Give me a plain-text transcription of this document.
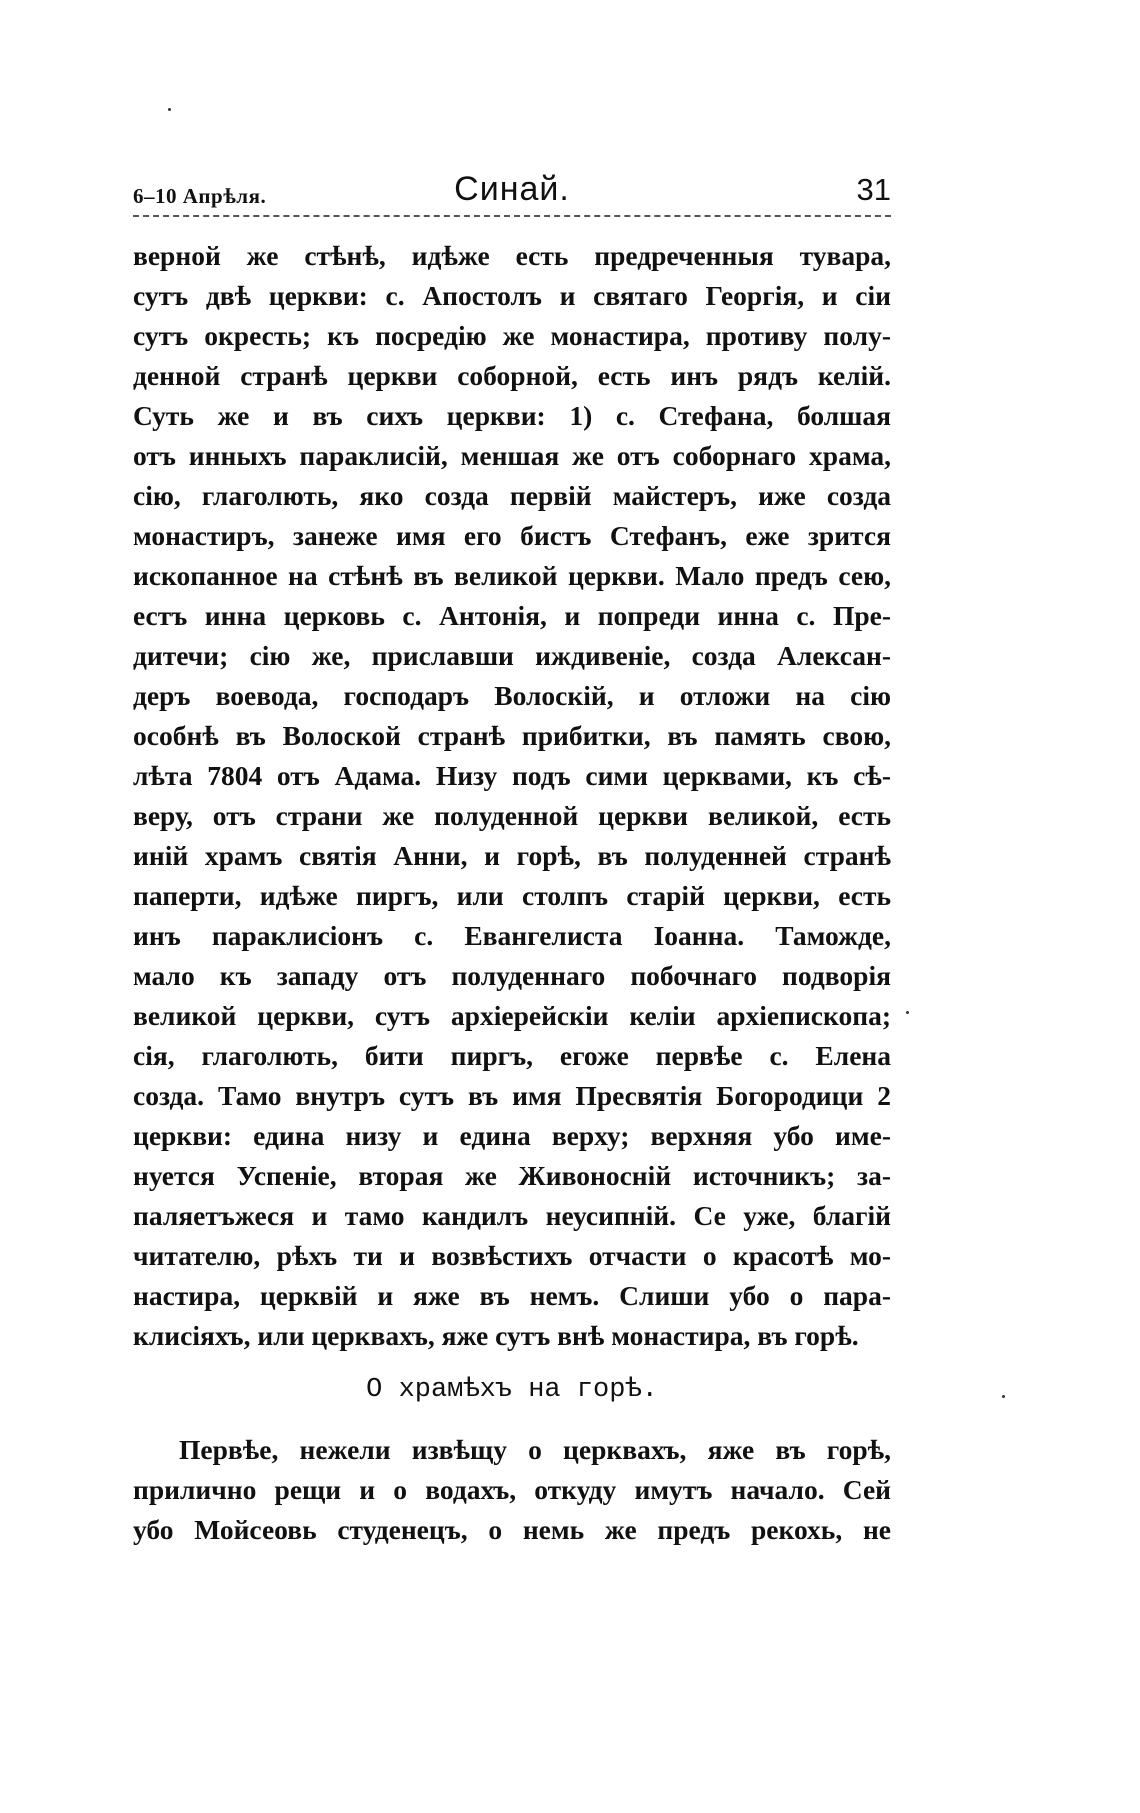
6–10 Апрѣля.	Синай.	31
верной же стѣнѣ, идѣже есть предреченныя тувара,
сутъ двѣ церкви: с. Апостолъ и святаго Георгія, и сіи
сутъ окресть; къ посредію же монастира, противу полу-
денной странѣ церкви соборной, есть инъ рядъ келій.
Суть же и въ сихъ церкви: 1) с. Стефана, болшая
отъ инныхъ параклисій, меншая же отъ соборнаго храма,
сію, глаголють, яко созда первій майстеръ, иже созда
монастиръ, занеже имя его бистъ Стефанъ, еже зрится
ископанное на стѣнѣ въ великой церкви. Мало предъ сею,
естъ инна церковь с. Антонія, и попреди инна с. Пре-
дитечи; сію же, приславши иждивеніе, созда Алексан-
деръ воевода, господаръ Волоскій, и отложи на сію
особнѣ въ Волоской странѣ прибитки, въ память свою,
лѣта 7804 отъ Адама. Низу подъ сими церквами, къ сѣ-
веру, отъ страни же полуденной церкви великой, есть
иній храмъ святія Анни, и горѣ, въ полуденней странѣ
паперти, идѣже пиргъ, или столпъ старій церкви, есть
инъ параклисіонъ с. Евангелиста Іоанна. Тамождe,
мало къ западу отъ полуденнаго побочнаго подворія
великой церкви, сутъ архіерейскіи келіи архіепископа;
сія, глаголють, бити пиргъ, егоже первѣе с. Елена
созда. Тамо внутръ сутъ въ имя Пресвятія Богородици 2
церкви: едина низу и едина верху; верхняя убо име-
нуется Успеніе, вторая же Живоносній источникъ; за-
паляетъжеся и тамо кандилъ неусипній. Се уже, благій
читателю, рѣхъ ти и возвѣстихъ отчасти о красотѣ мо-
настира, церквій и яже въ немъ. Слиши убо о пара-
клисіяхъ, или церквахъ, яже сутъ внѣ монастира, въ горѣ.
О храмѣхъ на горѣ.
Первѣе, нежели извѣщу о церквахъ, яже въ горѣ,
прилично рещи и о водахъ, откуду имутъ начало. Сей
убо Мойсеовь студенецъ, о немь же предъ рекохь, не
